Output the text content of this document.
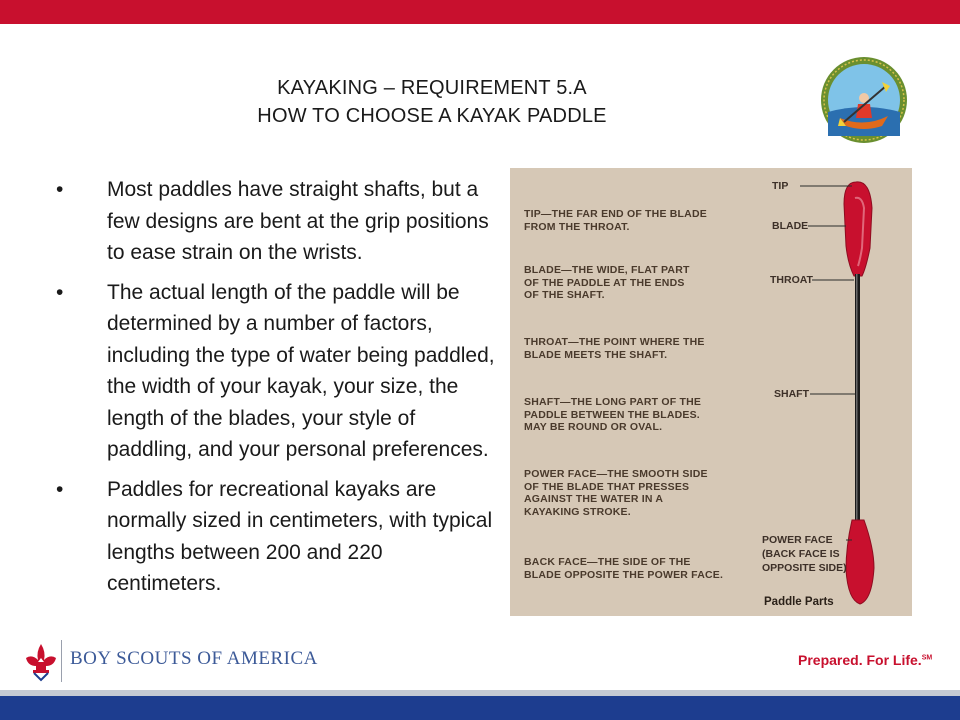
KAYAKING – REQUIREMENT 5.A
HOW TO CHOOSE A KAYAK PADDLE
• Most paddles have straight shafts, but a few designs are bent at the grip positions to ease strain on the wrists.
• The actual length of the paddle will be determined by a number of factors, including the type of water being paddled, the width of your kayak, your size, the length of the blades, your style of paddling, and your personal preferences.
• Paddles for recreational kayaks are normally sized in centimeters, with typical lengths between 200 and 220 centimeters.
TIP—THE FAR END OF THE BLADE
FROM THE THROAT.
BLADE—THE WIDE, FLAT PART
OF THE PADDLE AT THE ENDS
OF THE SHAFT.
THROAT—THE POINT WHERE THE
BLADE MEETS THE SHAFT.
SHAFT—THE LONG PART OF THE
PADDLE BETWEEN THE BLADES.
MAY BE ROUND OR OVAL.
POWER FACE—THE SMOOTH SIDE
OF THE BLADE THAT PRESSES
AGAINST THE WATER IN A
KAYAKING STROKE.
BACK FACE—THE SIDE OF THE
BLADE OPPOSITE THE POWER FACE.
TIP
BLADE
THROAT
SHAFT
POWER FACE
(BACK FACE IS
OPPOSITE SIDE)
Paddle Parts
BOY SCOUTS OF AMERICA	Prepared. For Life.℠
